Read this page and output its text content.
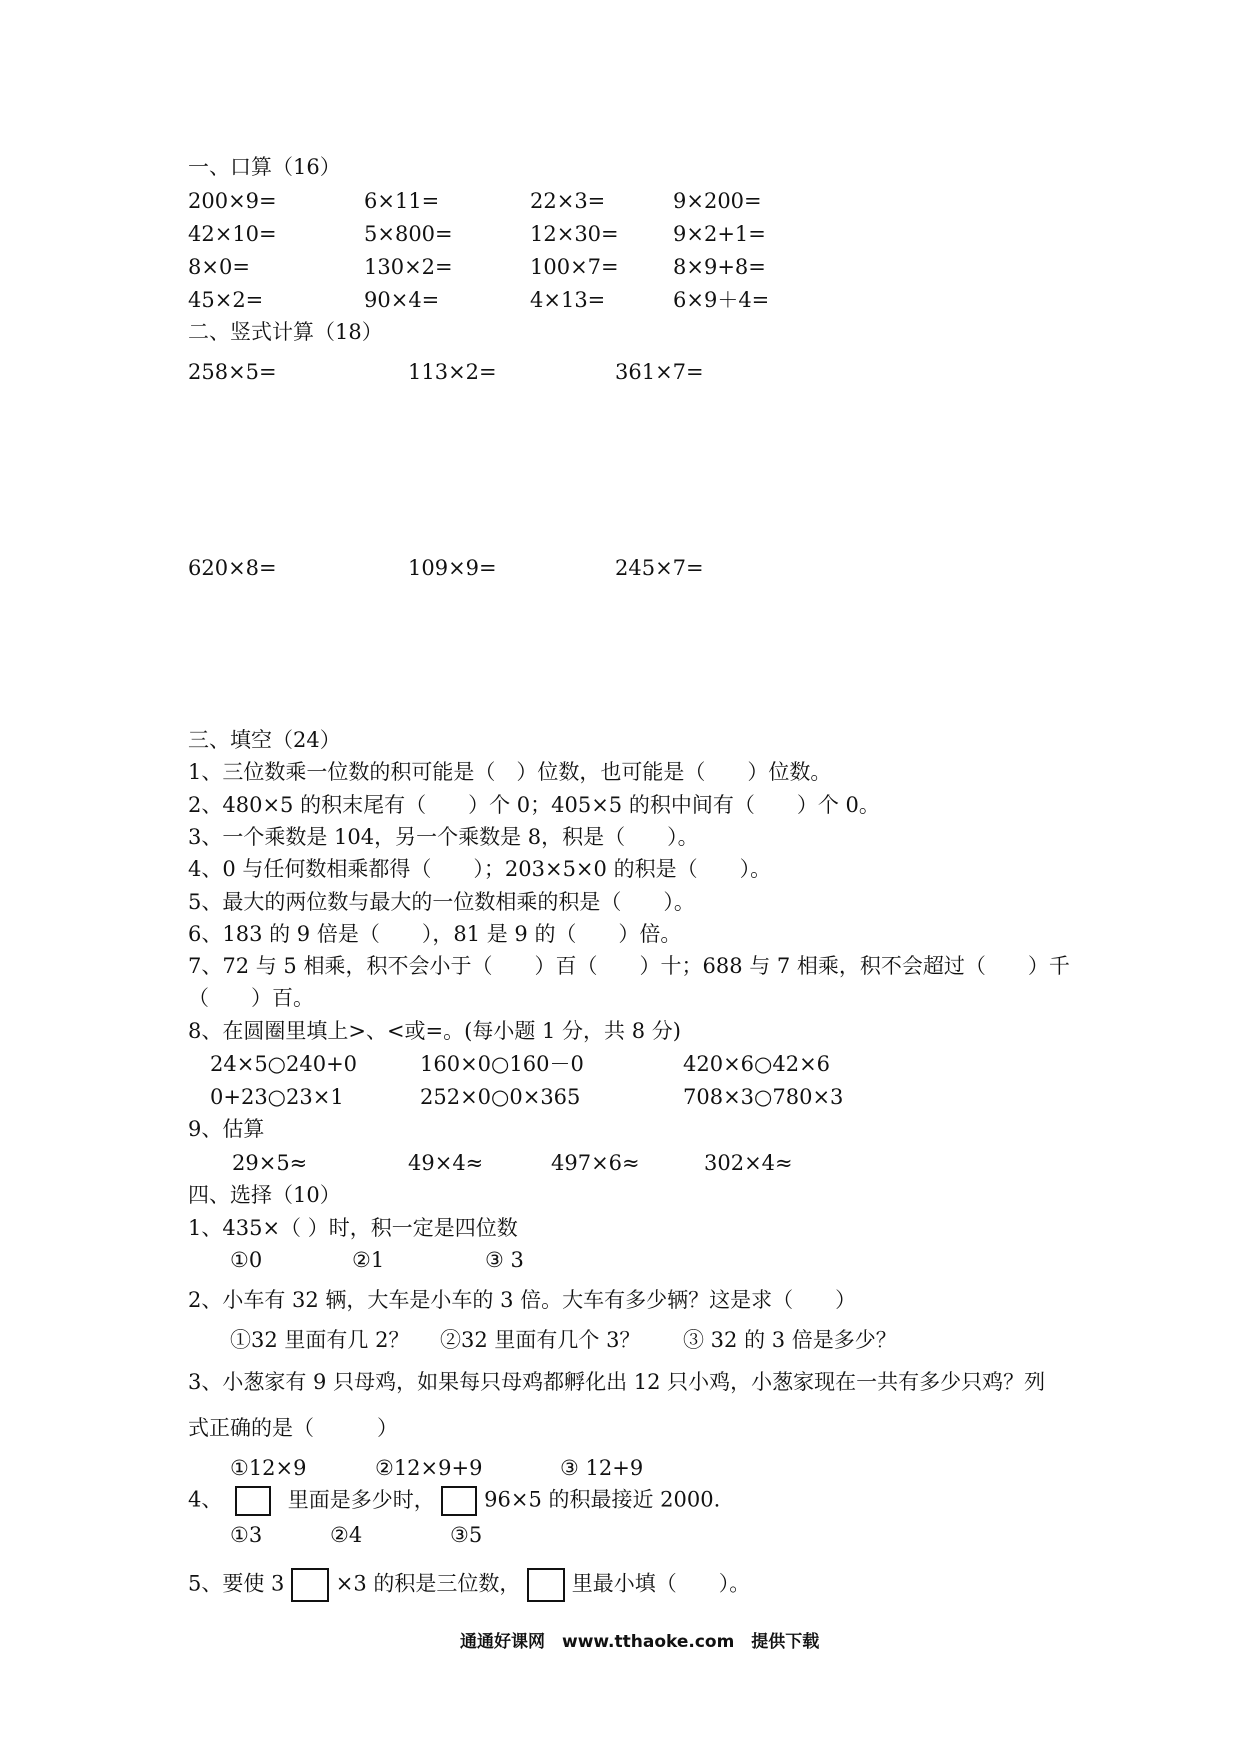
一、口算（16）
200×9=	6×11=	22×3=	9×200=
42×10=	5×800=	12×30=	9×2+1=
8×0=	130×2=	100×7=	8×9+8=
45×2=	90×4=	4×13=	6×9＋4=
二、竖式计算（18）
258×5=	113×2=	361×7=
620×8=	109×9=	245×7=
三、填空（24）
1、三位数乘一位数的积可能是（　）位数，也可能是（　　）位数。
2、480×5 的积末尾有（　　）个 0；405×5 的积中间有（　　）个 0。
3、一个乘数是 104，另一个乘数是 8，积是（　　）。
4、0 与任何数相乘都得（　　）；203×5×0 的积是（　　）。
5、最大的两位数与最大的一位数相乘的积是（　　）。
6、183 的 9 倍是（　　），81 是 9 的（　　）倍。
7、72 与 5 相乘，积不会小于（　　）百（　　）十；688 与 7 相乘，积不会超过（　　）千
（　　）百。
8、在圆圈里填上>、<或=。(每小题 1 分，共 8 分)
24×5○240+0	160×0○160－0	420×6○42×6
0+23○23×1	252×0○0×365	708×3○780×3
9、估算
29×5≈	49×4≈	497×6≈	302×4≈
四、选择（10）
1、435×（ ）时，积一定是四位数
①0	②1	③ 3
2、小车有 32 辆，大车是小车的 3 倍。大车有多少辆？这是求（　　）
①32 里面有几 2？ ②32 里面有几个 3？ ③ 32 的 3 倍是多少？
3、小葱家有 9 只母鸡，如果每只母鸡都孵化出 12 只小鸡，小葱家现在一共有多少只鸡？列
式正确的是（　　　）
①12×9	②12×9+9	③ 12+9
4、	里面是多少时， 96×5 的积最接近 2000.
①3	②4	③5
5、要使 3 ×3 的积是三位数， 里最小填（　　）。
通通好课网　www.tthaoke.com　提供下载
